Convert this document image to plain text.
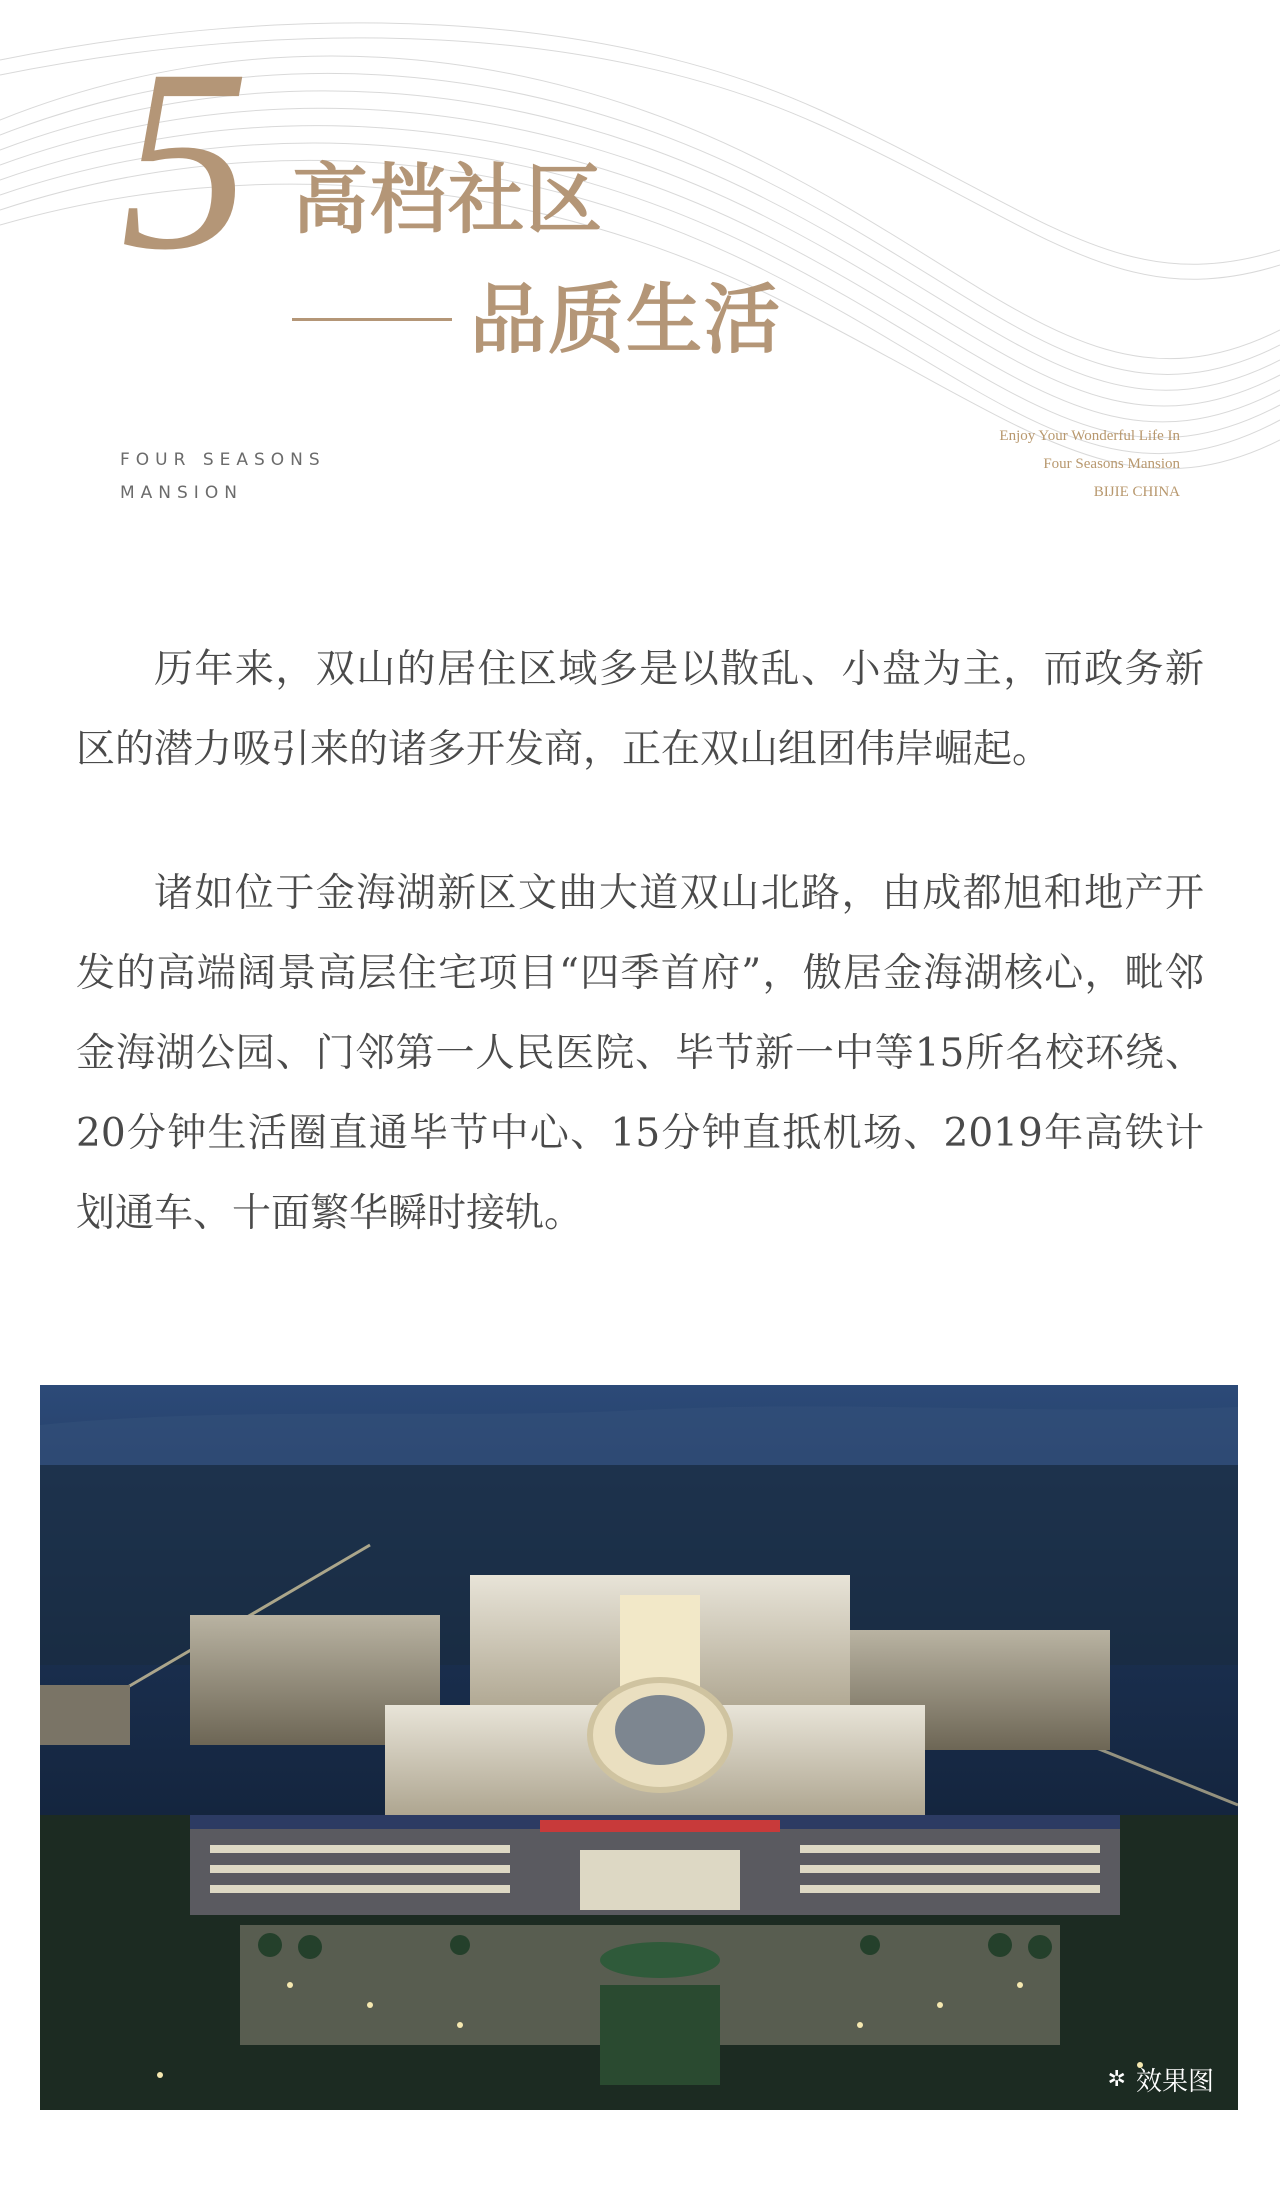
5 高档社区
品质生活
FOUR SEASONS
MANSION
Enjoy Your Wonderful Life In
Four Seasons Mansion
BIJIE CHINA

历年来，双山的居住区域多是以散乱、小盘为主，而政务新区的潜力吸引来的诸多开发商，正在双山组团伟岸崛起。

诸如位于金海湖新区文曲大道双山北路，由成都旭和地产开发的高端阔景高层住宅项目“四季首府”，傲居金海湖核心，毗邻金海湖公园、门邻第一人民医院、毕节新一中等15所名校环绕、20分钟生活圈直通毕节中心、15分钟直抵机场、2019年高铁计划通车、十面繁华瞬时接轨。

✲ 效果图
